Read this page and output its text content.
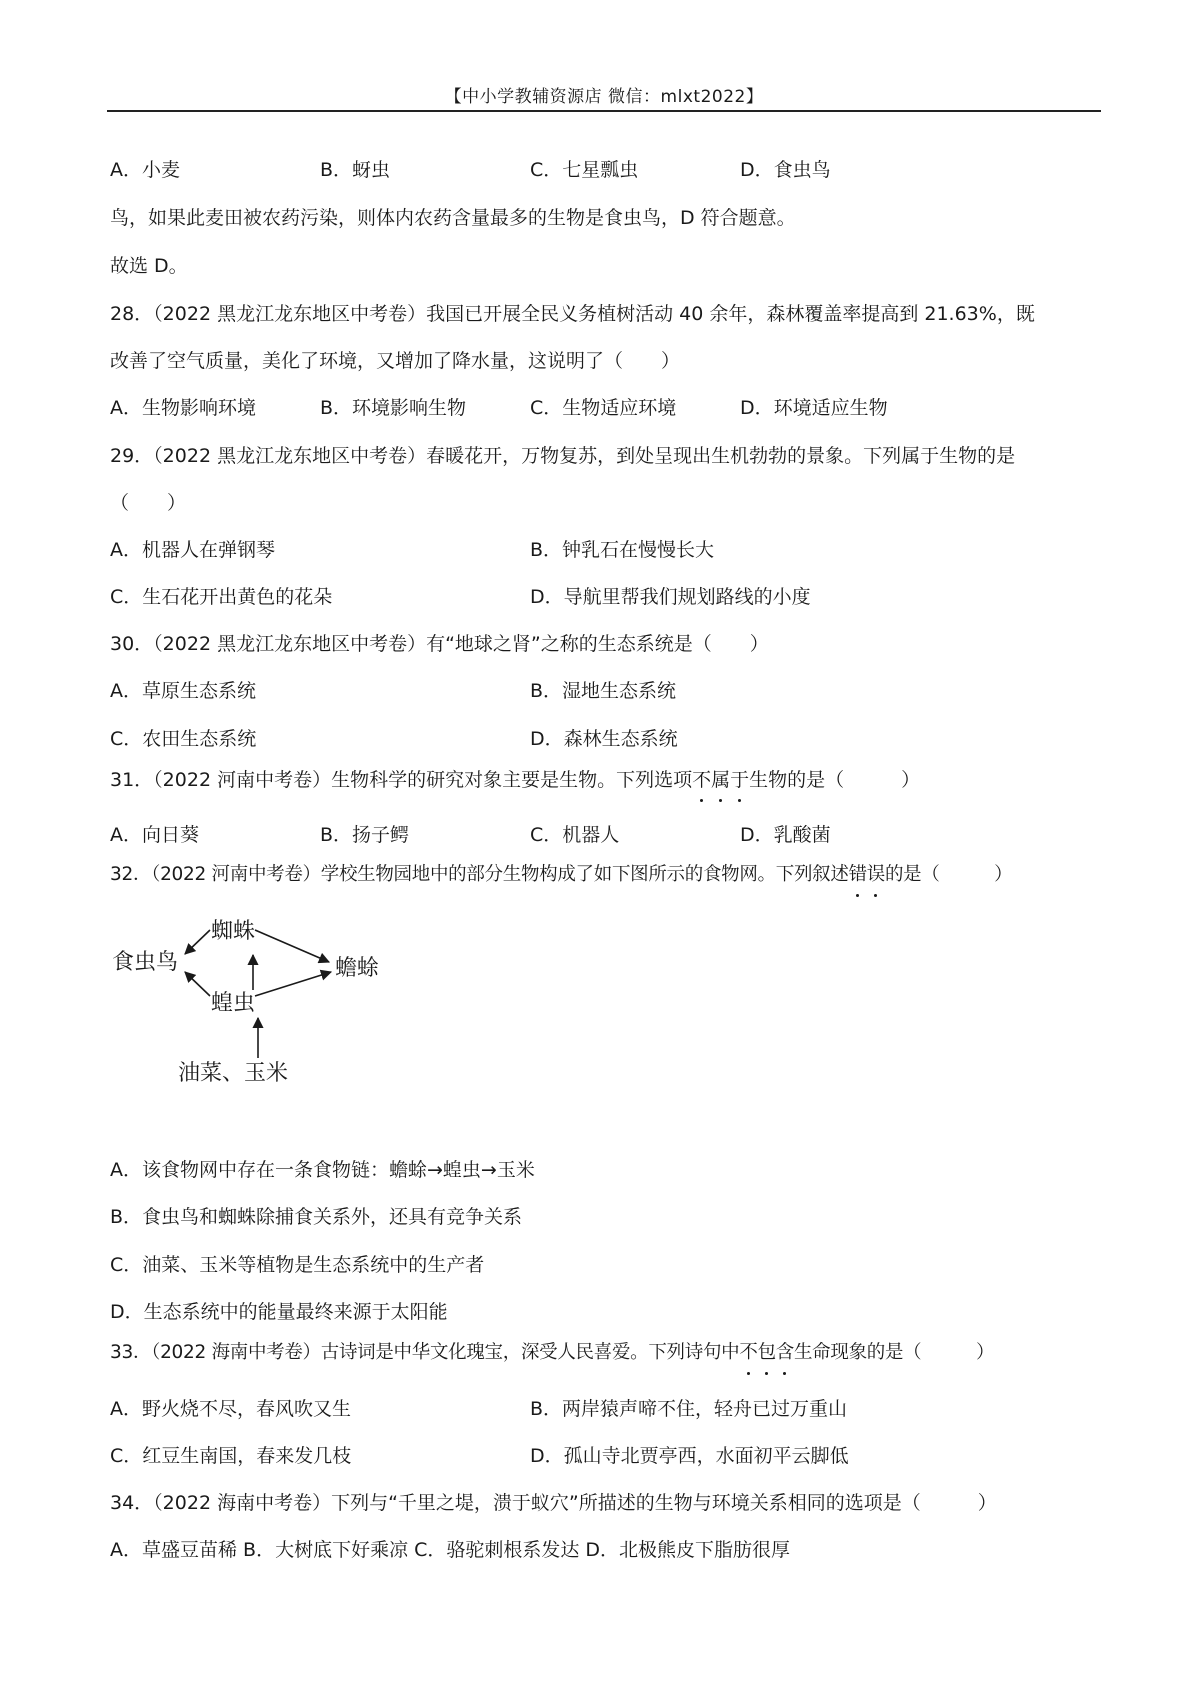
【中小学教辅资源店 微信：mlxt2022】
A．小麦	B．蚜虫	C．七星瓢虫	D．食虫鸟
鸟，如果此麦田被农药污染，则体内农药含量最多的生物是食虫鸟，D 符合题意。
故选 D。
28．（2022 黑龙江龙东地区中考卷）我国已开展全民义务植树活动 40 余年，森林覆盖率提高到 21.63%，既
改善了空气质量，美化了环境，又增加了降水量，这说明了（　　）
A．生物影响环境	B．环境影响生物	C．生物适应环境	D．环境适应生物
29．（2022 黑龙江龙东地区中考卷）春暖花开，万物复苏，到处呈现出生机勃勃的景象。下列属于生物的是
（　　）
A．机器人在弹钢琴	B．钟乳石在慢慢长大
C．生石花开出黄色的花朵	D．导航里帮我们规划路线的小度
30．（2022 黑龙江龙东地区中考卷）有“地球之肾”之称的生态系统是（　　）
A．草原生态系统	B．湿地生态系统
C．农田生态系统	D．森林生态系统
31．（2022 河南中考卷）生物科学的研究对象主要是生物。下列选项不属于生物的是（　　　）
A．向日葵	B．扬子鳄	C．机器人	D．乳酸菌
32．（2022 河南中考卷）学校生物园地中的部分生物构成了如下图所示的食物网。下列叙述错误的是（　　　）
蜘蛛
食虫鸟	蟾蜍
蝗虫
油菜、玉米
A．该食物网中存在一条食物链：蟾蜍→蝗虫→玉米
B．食虫鸟和蜘蛛除捕食关系外，还具有竞争关系
C．油菜、玉米等植物是生态系统中的生产者
D．生态系统中的能量最终来源于太阳能
33．（2022 海南中考卷）古诗词是中华文化瑰宝，深受人民喜爱。下列诗句中不包含生命现象的是（　　　）
A．野火烧不尽，春风吹又生	B．两岸猿声啼不住，轻舟已过万重山
C．红豆生南国，春来发几枝	D．孤山寺北贾亭西，水面初平云脚低
34．（2022 海南中考卷）下列与“千里之堤，溃于蚁穴”所描述的生物与环境关系相同的选项是（　　　）
A．草盛豆苗稀 B．大树底下好乘凉 C．骆驼刺根系发达 D．北极熊皮下脂肪很厚
